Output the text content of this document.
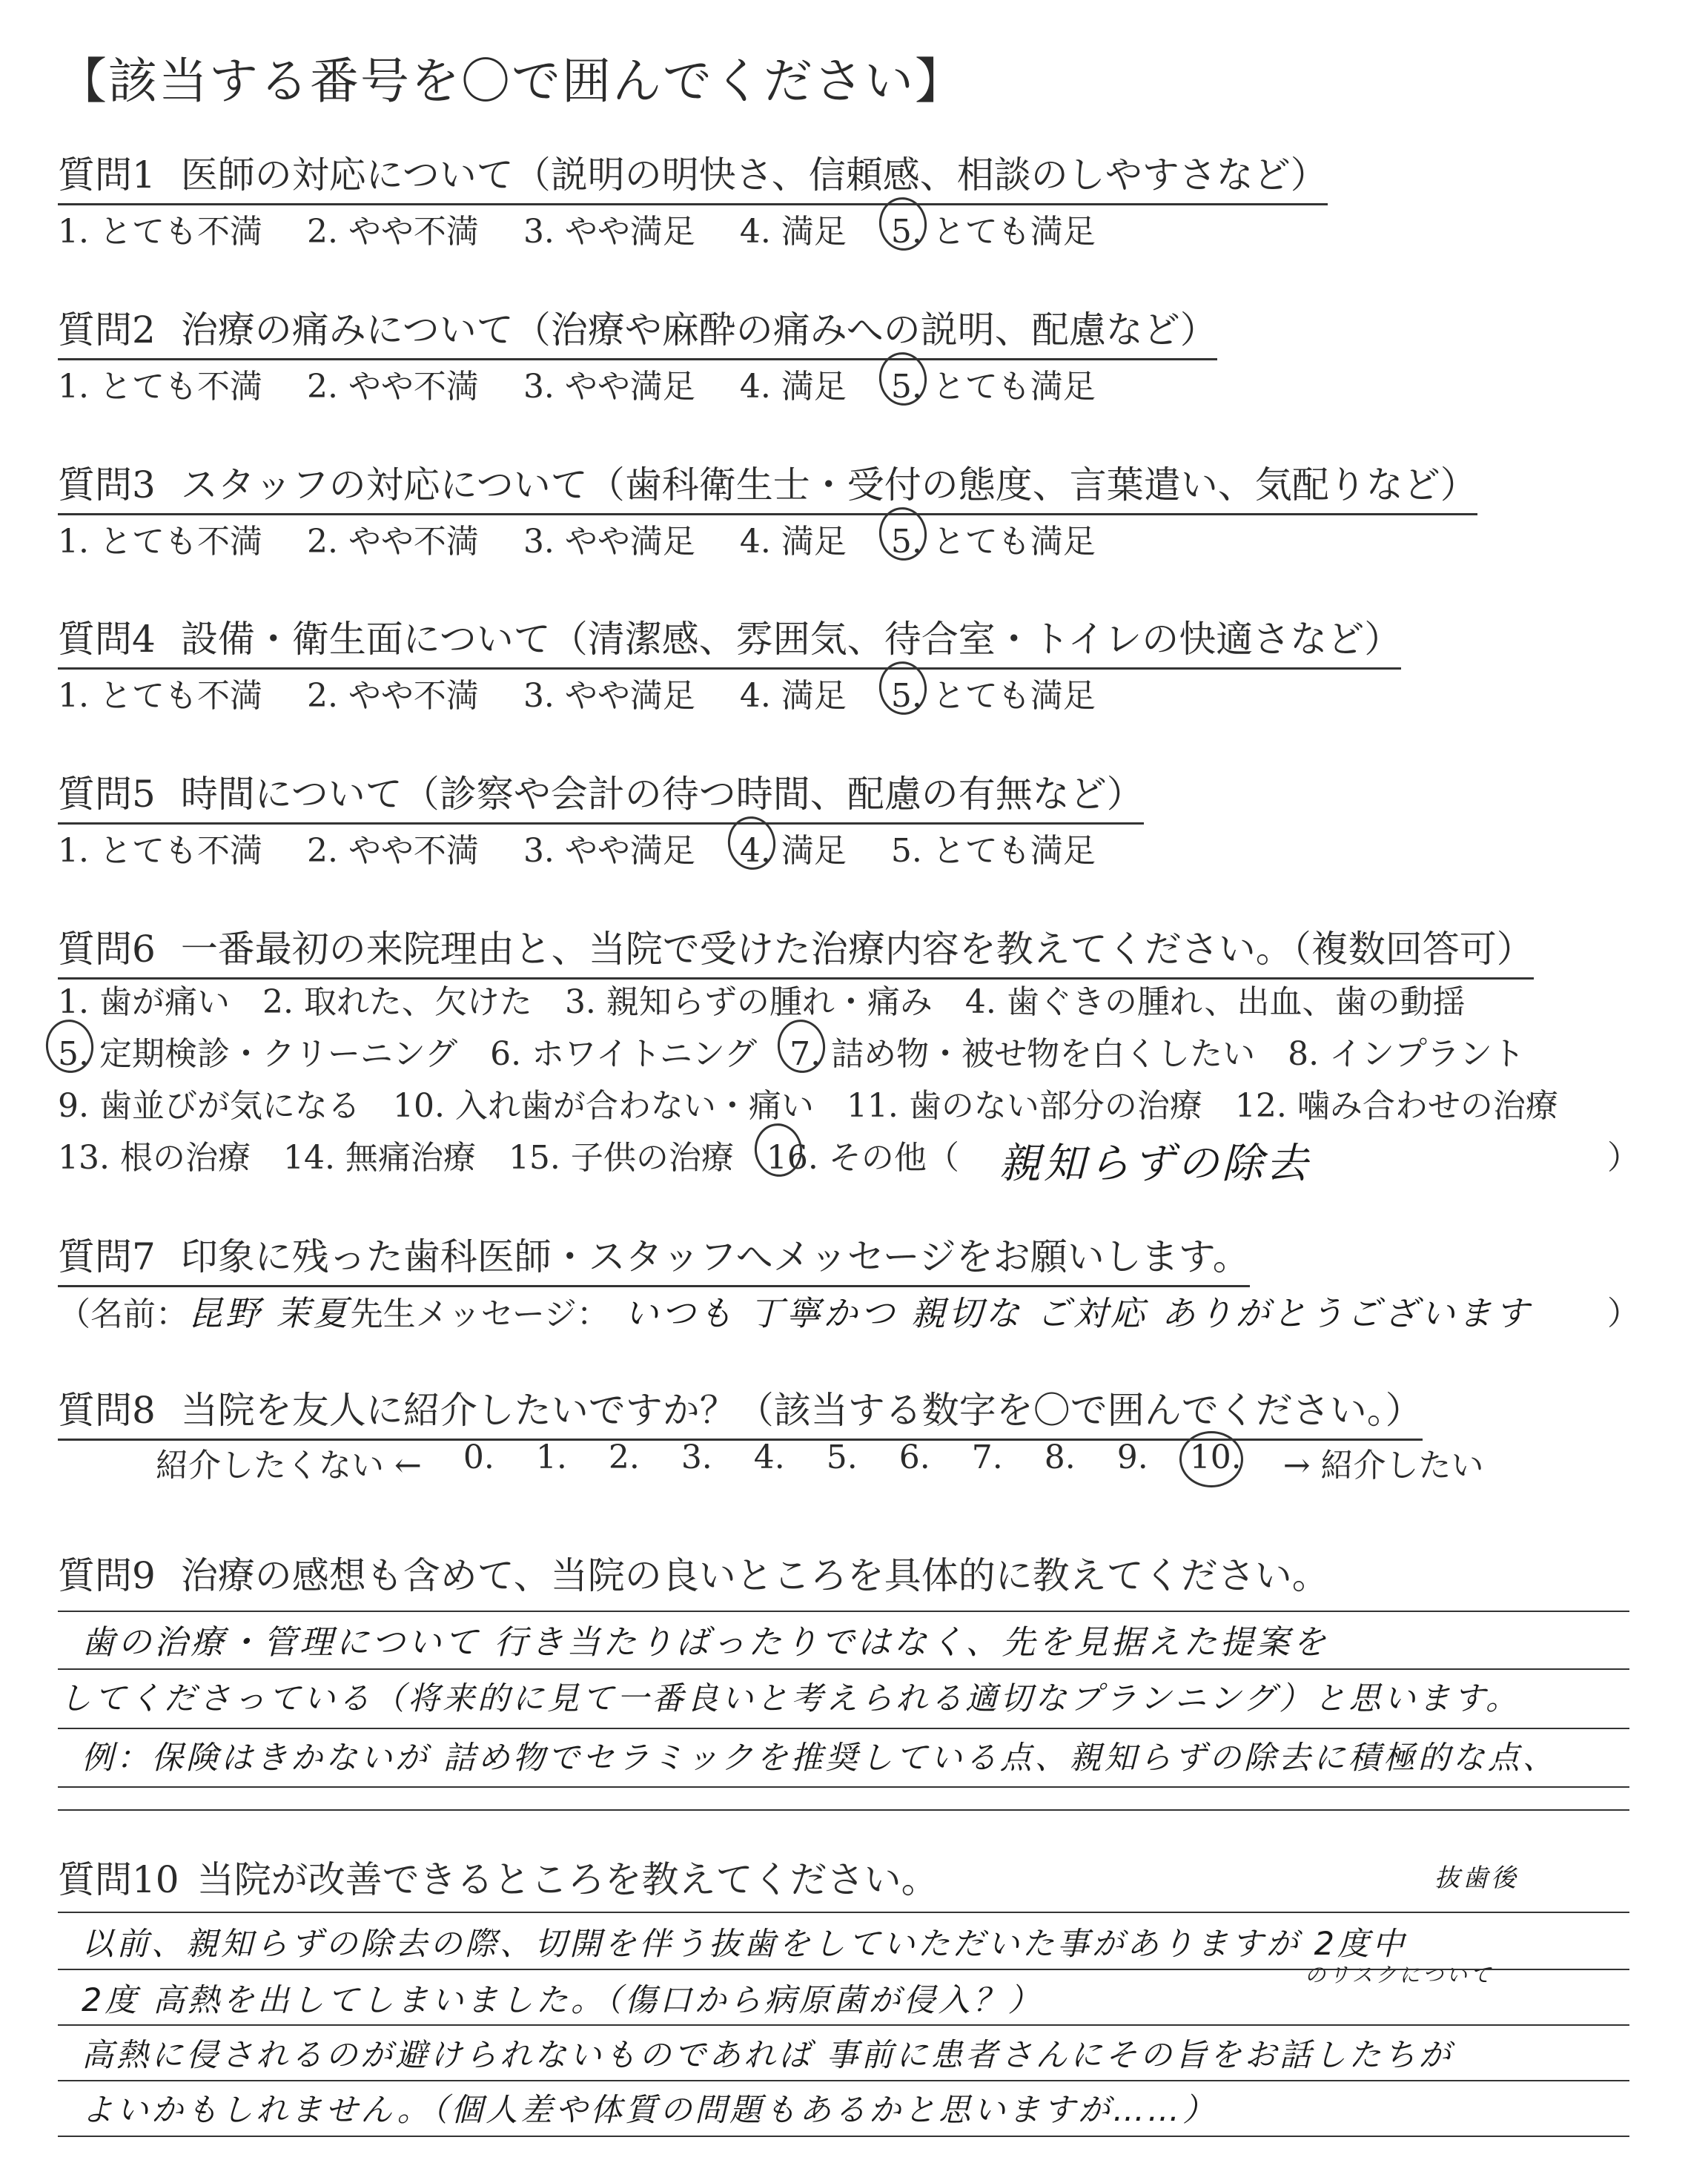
【該当する番号を〇で囲んでください】
質問1 医師の対応について（説明の明快さ、信頼感、相談のしやすさなど）
1. とても不満 2. やや不満 3. やや満足 4. 満足 5. とても満足
質問2 治療の痛みについて（治療や麻酔の痛みへの説明、配慮など）
1. とても不満 2. やや不満 3. やや満足 4. 満足 5. とても満足
質問3 スタッフの対応について（歯科衛生士・受付の態度、言葉遣い、気配りなど）
1. とても不満 2. やや不満 3. やや満足 4. 満足 5. とても満足
質問4 設備・衛生面について（清潔感、雰囲気、待合室・トイレの快適さなど）
1. とても不満 2. やや不満 3. やや満足 4. 満足 5. とても満足
質問5 時間について（診察や会計の待つ時間、配慮の有無など）
1. とても不満 2. やや不満 3. やや満足 4. 満足 5. とても満足
質問6 一番最初の来院理由と、当院で受けた治療内容を教えてください。（複数回答可）
1. 歯が痛い 2. 取れた、欠けた 3. 親知らずの腫れ・痛み 4. 歯ぐきの腫れ、出血、歯の動揺
5. 定期検診・クリーニング 6. ホワイトニング 7. 詰め物・被せ物を白くしたい 8. インプラント
9. 歯並びが気になる 10. 入れ歯が合わない・痛い 11. 歯のない部分の治療 12. 噛み合わせの治療
13. 根の治療 14. 無痛治療 15. 子供の治療 16. その他（ 親知らずの除去	）
質問7 印象に残った歯科医師・スタッフへメッセージをお願いします。
（名前：昆野 茉夏先生メッセージ： いつも 丁寧かつ 親切な ご対応 ありがとうございます	）
質問8 当院を友人に紹介したいですか？（該当する数字を〇で囲んでください。）
紹介したくない ← 0. 1. 2. 3. 4. 5. 6. 7. 8. 9. 10. → 紹介したい
質問9 治療の感想も含めて、当院の良いところを具体的に教えてください。
歯の治療・管理について 行き当たりばったりではなく、先を見据えた提案を
してくださっている（将来的に見て一番良いと考えられる適切なプランニング）と思います。
例：保険はきかないが 詰め物でセラミックを推奨している点、親知らずの除去に積極的な点、
質問10 当院が改善できるところを教えてください。	抜歯後
のリスクについて
以前、親知らずの除去の際、切開を伴う抜歯をしていただいた事がありますが 2度中
2度 高熱を出してしまいました。（傷口から病原菌が侵入？）
高熱に侵されるのが避けられないものであれば 事前に患者さんにその旨をお話したちが
よいかもしれません。（個人差や体質の問題もあるかと思いますが……）
